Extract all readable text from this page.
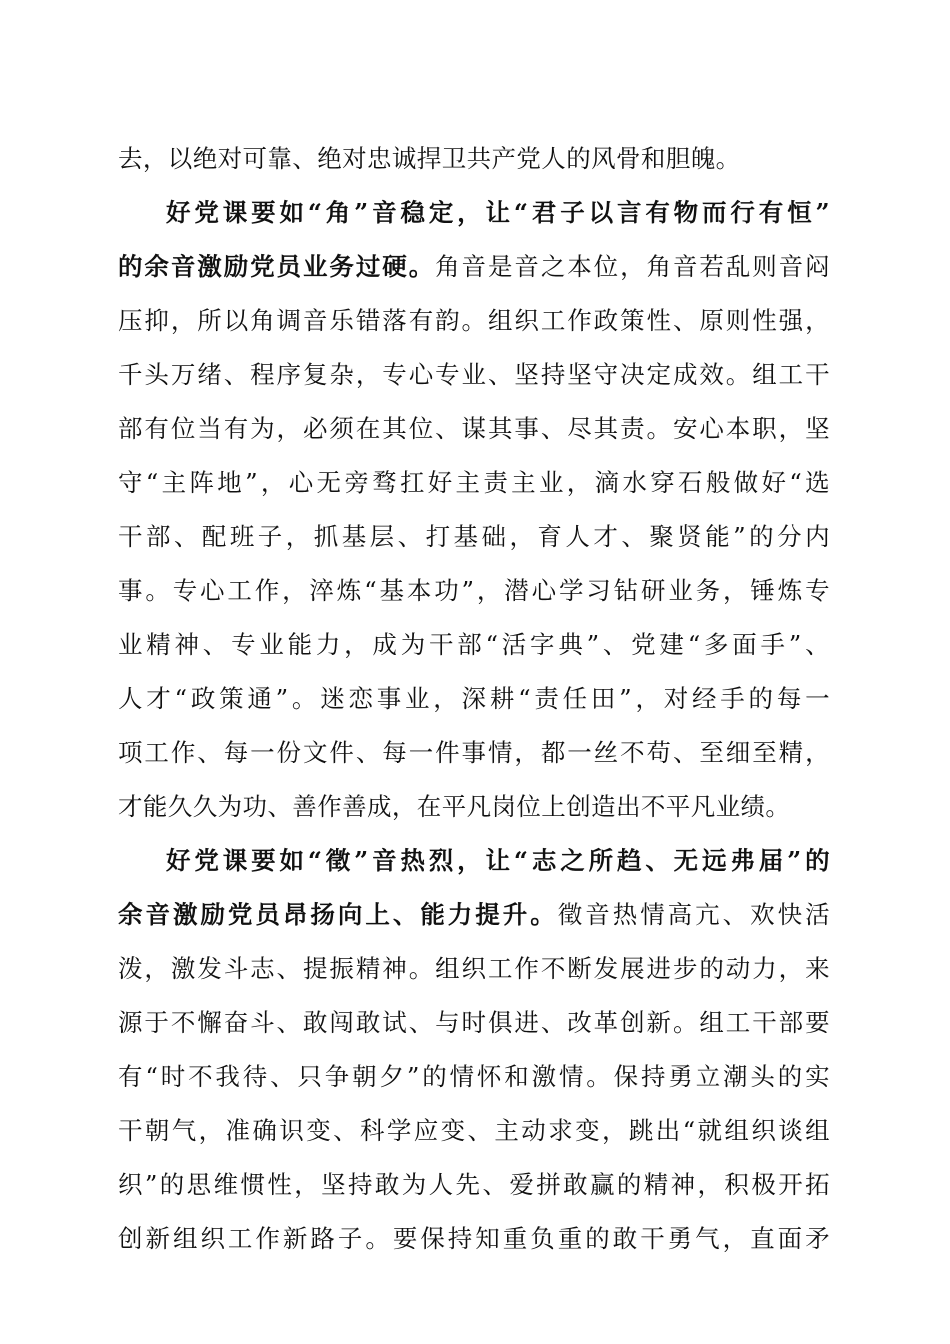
去，以绝对可靠、绝对忠诚捍卫共产党人的风骨和胆魄。
好党课要如“角”音稳定，让“君子以言有物而行有恒”
的余音激励党员业务过硬。角音是音之本位，角音若乱则音闷
压抑，所以角调音乐错落有韵。组织工作政策性、原则性强，
千头万绪、程序复杂，专心专业、坚持坚守决定成效。组工干
部有位当有为，必须在其位、谋其事、尽其责。安心本职，坚
守“主阵地”，心无旁骛扛好主责主业，滴水穿石般做好“选
干部、配班子，抓基层、打基础，育人才、聚贤能”的分内
事。专心工作，淬炼“基本功”，潜心学习钻研业务，锤炼专
业精神、专业能力，成为干部“活字典”、党建“多面手”、
人才“政策通”。迷恋事业，深耕“责任田”，对经手的每一
项工作、每一份文件、每一件事情，都一丝不苟、至细至精，
才能久久为功、善作善成，在平凡岗位上创造出不平凡业绩。
好党课要如“徵”音热烈，让“志之所趋、无远弗届”的
余音激励党员昂扬向上、能力提升。徵音热情高亢、欢快活
泼，激发斗志、提振精神。组织工作不断发展进步的动力，来
源于不懈奋斗、敢闯敢试、与时俱进、改革创新。组工干部要
有“时不我待、只争朝夕”的情怀和激情。保持勇立潮头的实
干朝气，准确识变、科学应变、主动求变，跳出“就组织谈组
织”的思维惯性，坚持敢为人先、爱拼敢赢的精神，积极开拓
创新组织工作新路子。要保持知重负重的敢干勇气，直面矛
